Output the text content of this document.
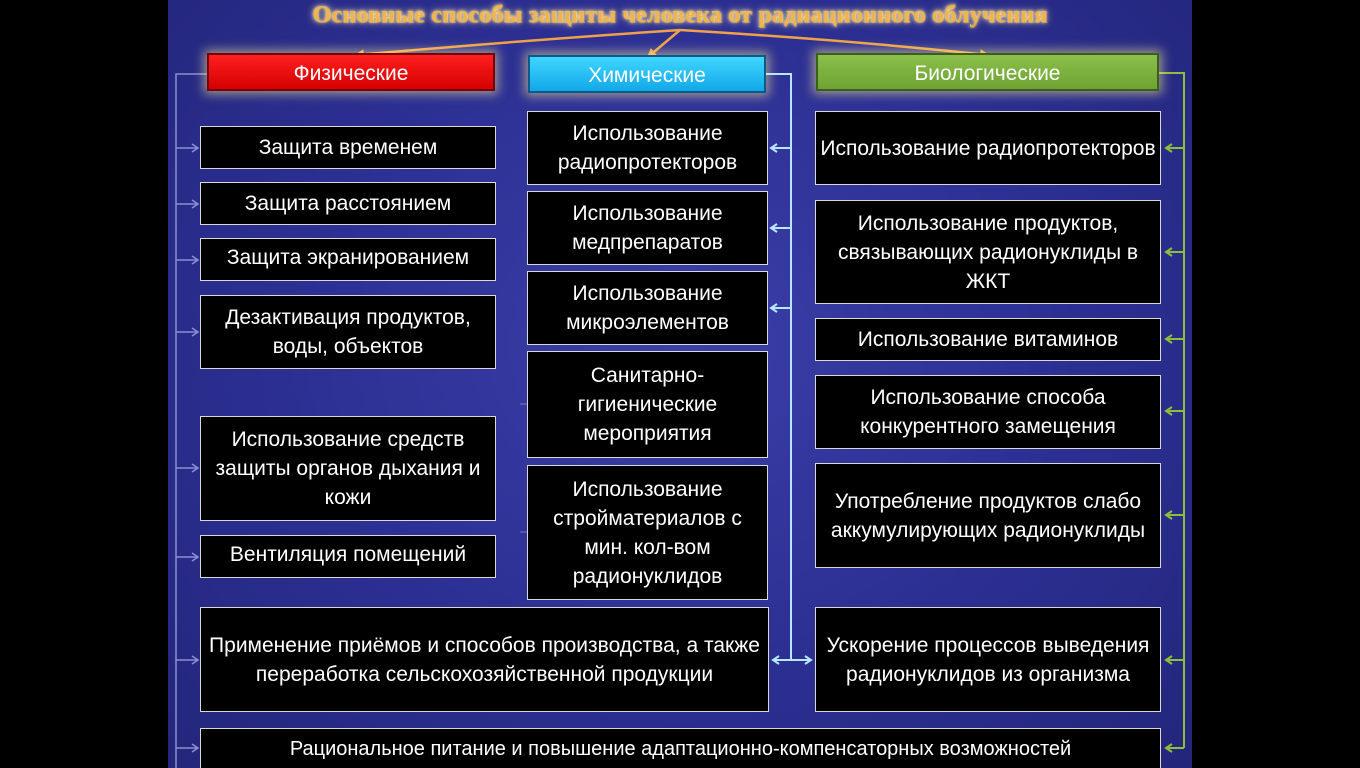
Основные способы защиты человека от радиационного облучения
Физические	Химические	Биологические
Защита временем
Защита расстоянием
Защита экранированием
Дезактивация продуктов, воды, объектов
Использование средств защиты органов дыхания и кожи
Вентиляция помещений
Использование радиопротекторов
Использование медпрепаратов
Использование микроэлементов
Санитарно-гигиенические мероприятия
Использование стройматериалов с мин. кол-вом радионуклидов
Использование радиопротекторов
Использование продуктов, связывающих радионуклиды в ЖКТ
Использование витаминов
Использование способа конкурентного замещения
Употребление продуктов слабо аккумулирующих радионуклиды
Ускорение процессов выведения радионуклидов из организма
Применение приёмов и способов производства, а также переработка сельскохозяйственной продукции
Рациональное питание и повышение адаптационно-компенсаторных возможностей
